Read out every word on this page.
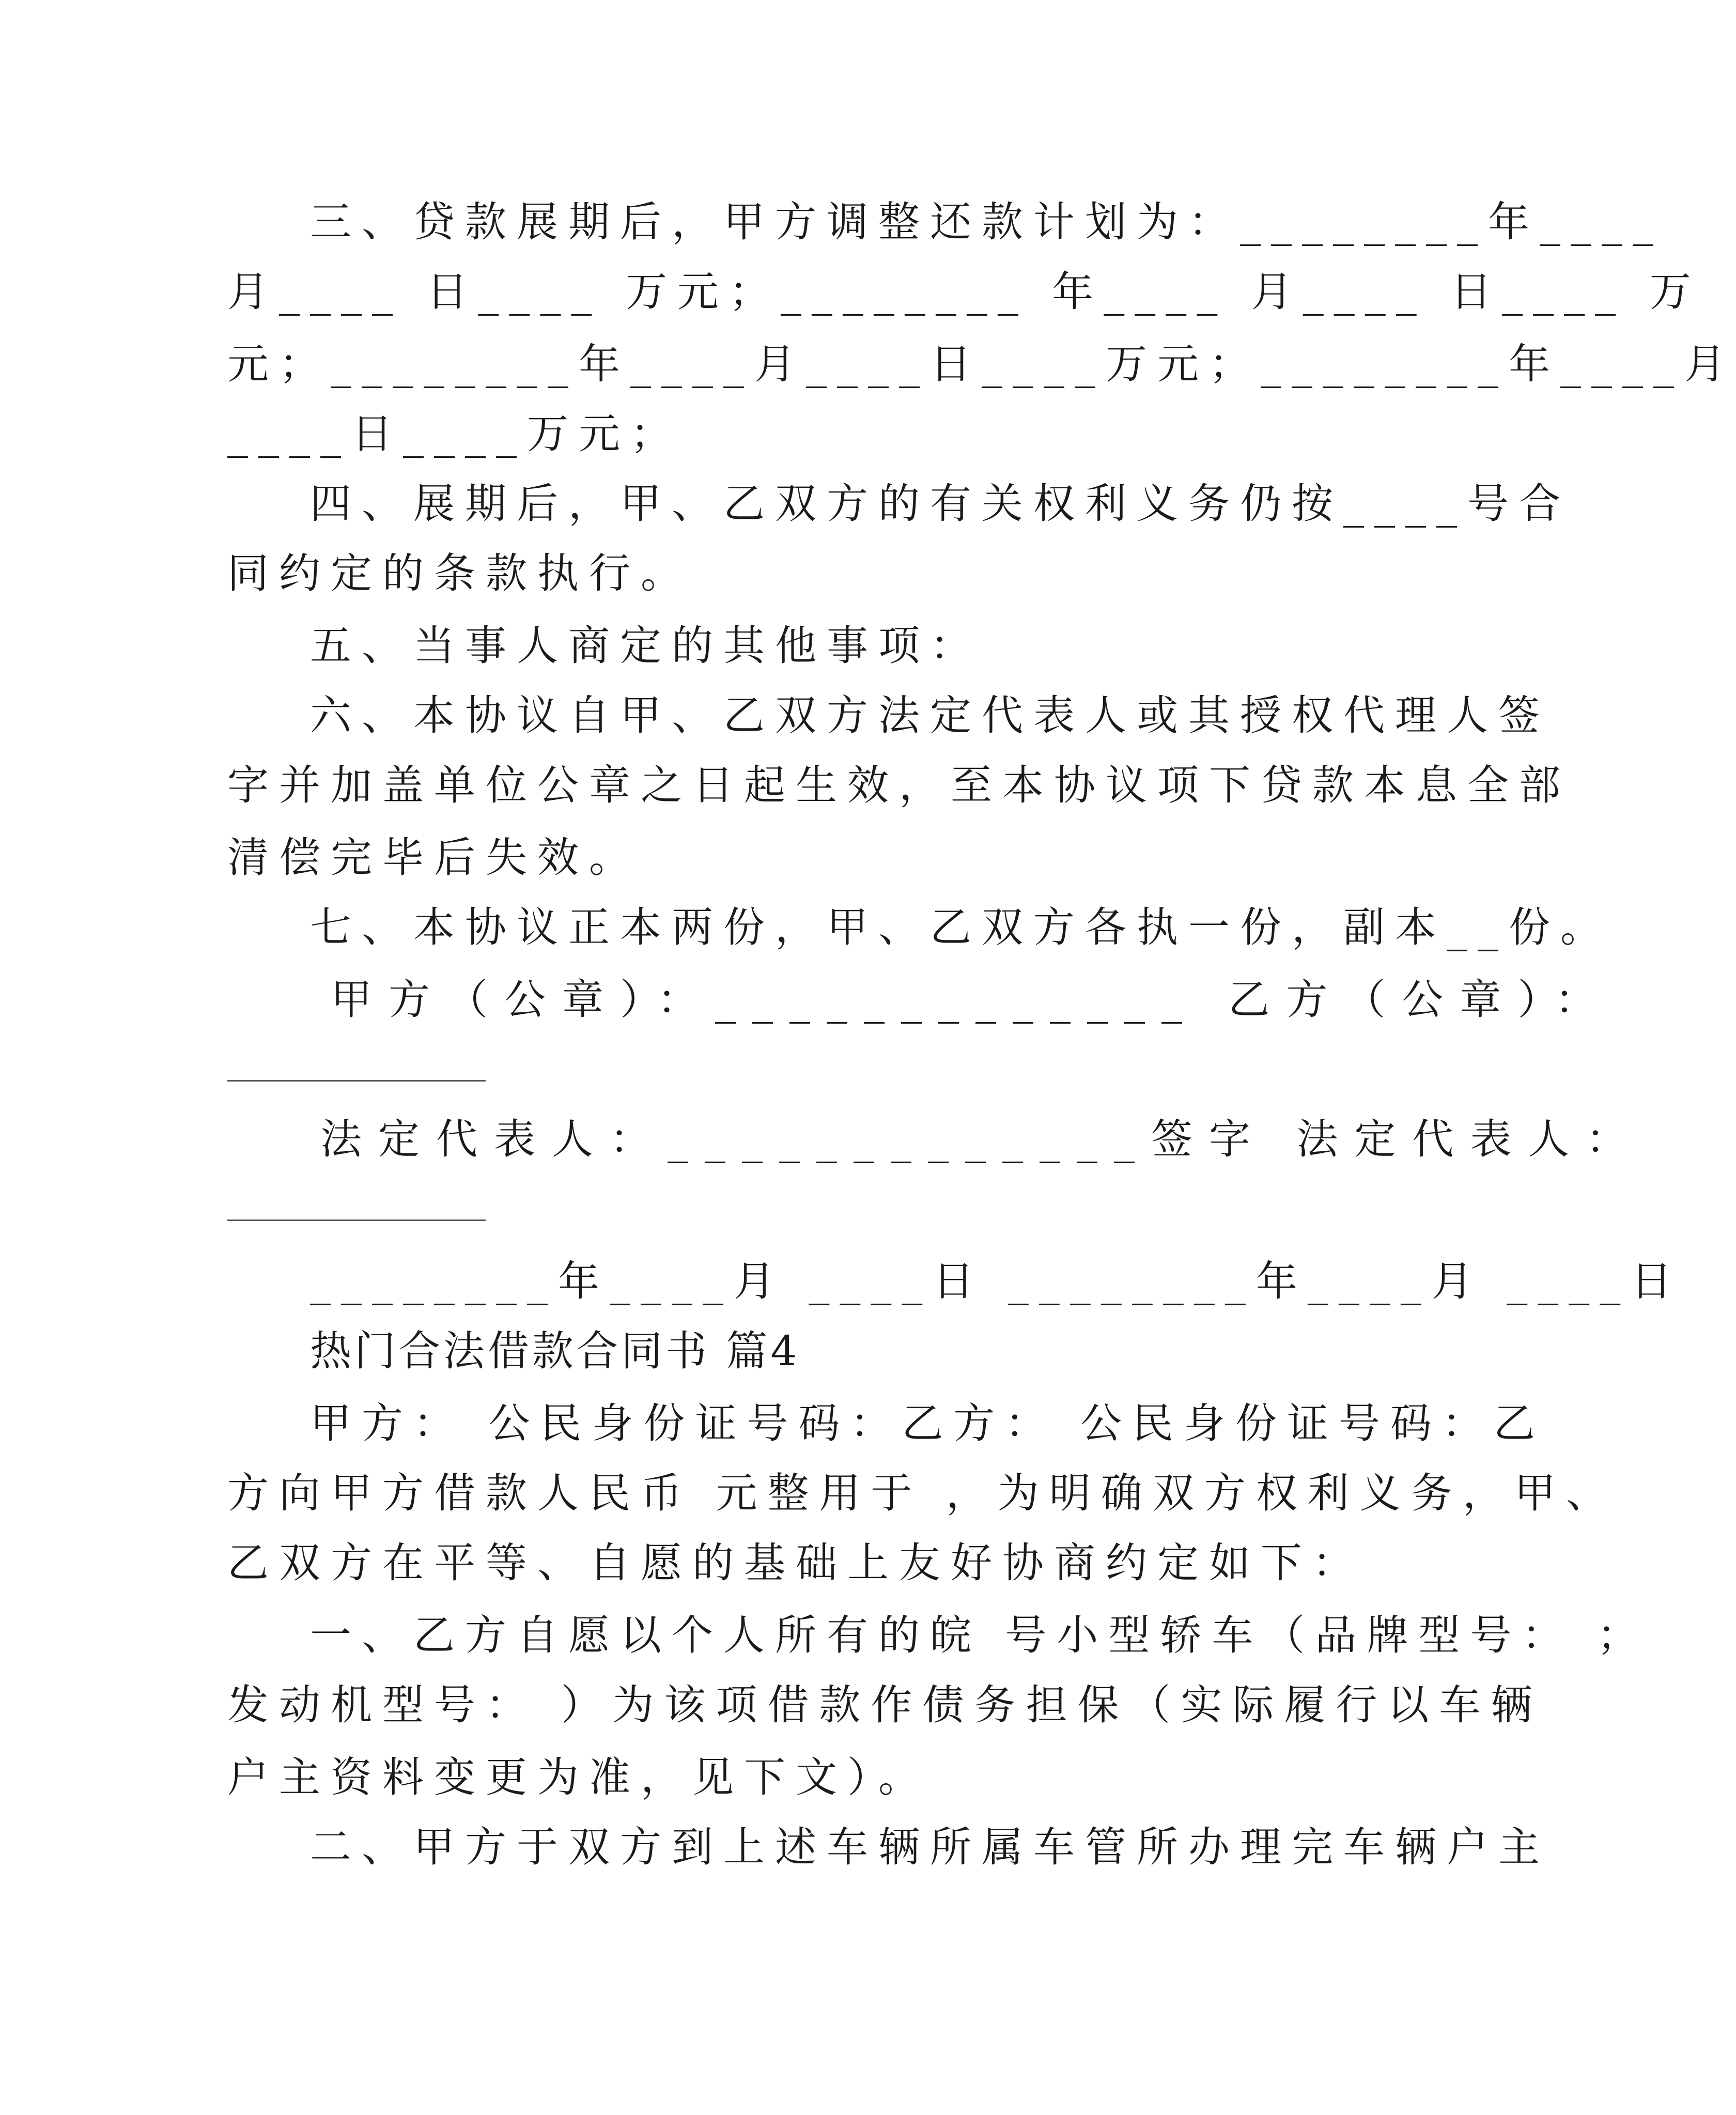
三、贷款展期后，甲方调整还款计划为：________年____
月____ 日____ 万元；________ 年____ 月____ 日____ 万
元；________年____月____日____万元；________年____月
____日____万元；
四、展期后，甲、乙双方的有关权利义务仍按____号合
同约定的条款执行。
五、当事人商定的其他事项：
六、本协议自甲、乙双方法定代表人或其授权代理人签
字并加盖单位公章之日起生效，至本协议项下贷款本息全部
清偿完毕后失效。
七、本协议正本两份，甲、乙双方各执一份，副本__份。
甲方（公章）：_____________ 乙方（公章）：
法定代表人：_____________签字 法定代表人：
________年____月 ____日 ________年____月 ____日
热门合法借款合同书 篇4
甲方： 公民身份证号码：乙方： 公民身份证号码：乙
方向甲方借款人民币 元整用于 ，为明确双方权利义务，甲、
乙双方在平等、自愿的基础上友好协商约定如下：
一、乙方自愿以个人所有的皖 号小型轿车（品牌型号： ；
发动机型号： ）为该项借款作债务担保（实际履行以车辆
户主资料变更为准，见下文）。
二、甲方于双方到上述车辆所属车管所办理完车辆户主
